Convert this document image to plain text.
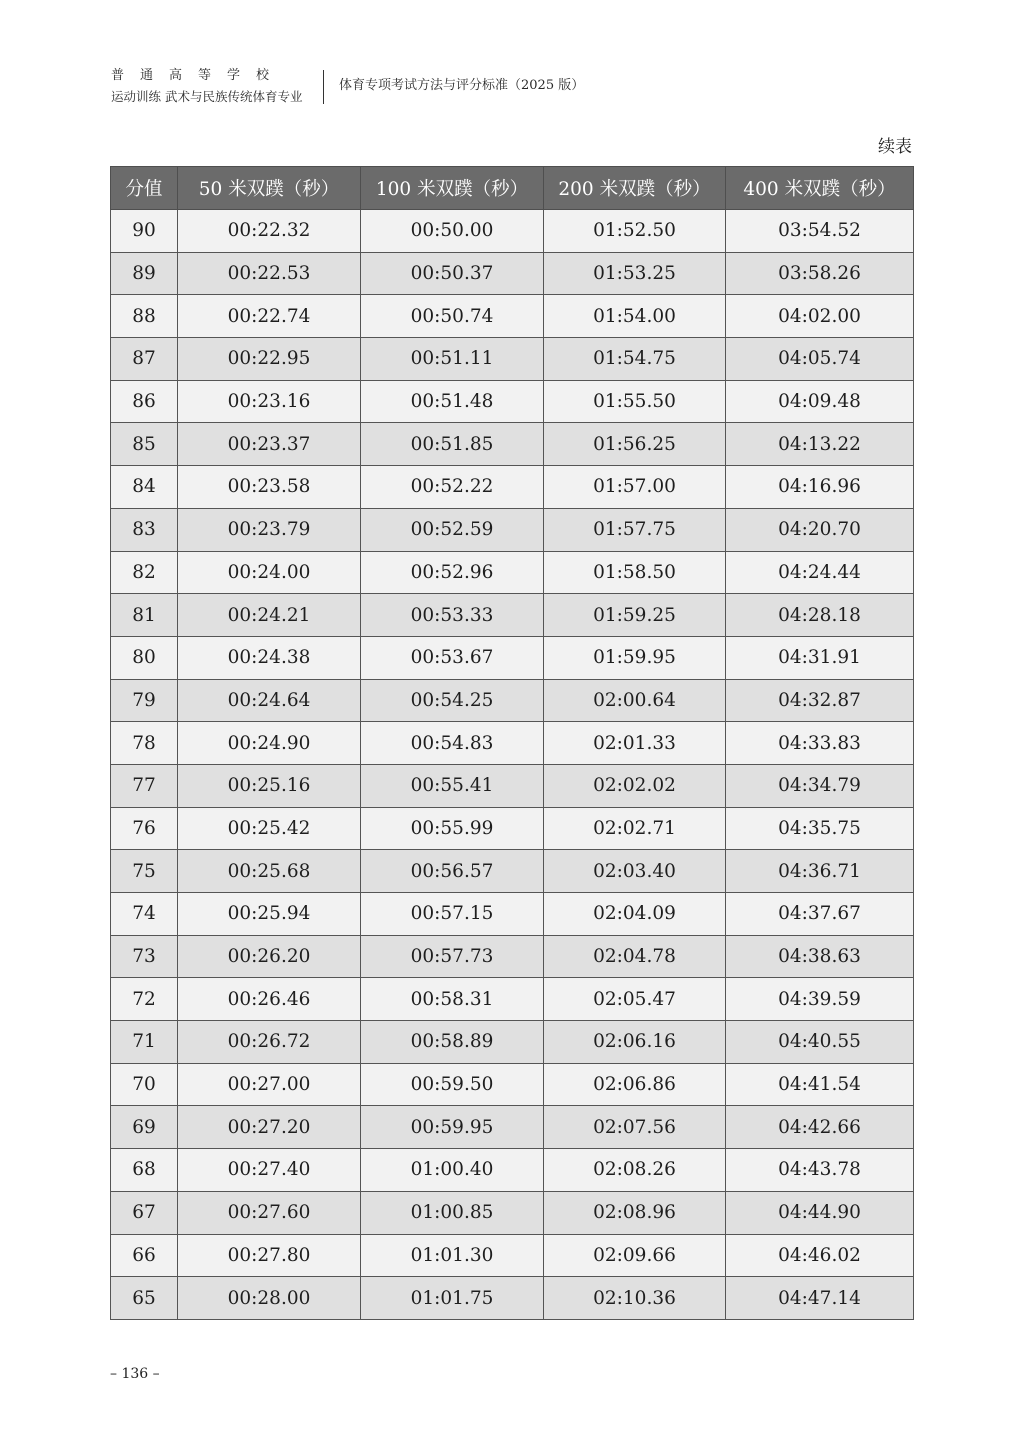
普通高等学校
运动训练 武术与民族传统体育专业
体育专项考试方法与评分标准（2025 版）
续表
分值	50 米双蹼（秒）	100 米双蹼（秒）	200 米双蹼（秒）	400 米双蹼（秒）
90	00:22.32	00:50.00	01:52.50	03:54.52
89	00:22.53	00:50.37	01:53.25	03:58.26
88	00:22.74	00:50.74	01:54.00	04:02.00
87	00:22.95	00:51.11	01:54.75	04:05.74
86	00:23.16	00:51.48	01:55.50	04:09.48
85	00:23.37	00:51.85	01:56.25	04:13.22
84	00:23.58	00:52.22	01:57.00	04:16.96
83	00:23.79	00:52.59	01:57.75	04:20.70
82	00:24.00	00:52.96	01:58.50	04:24.44
81	00:24.21	00:53.33	01:59.25	04:28.18
80	00:24.38	00:53.67	01:59.95	04:31.91
79	00:24.64	00:54.25	02:00.64	04:32.87
78	00:24.90	00:54.83	02:01.33	04:33.83
77	00:25.16	00:55.41	02:02.02	04:34.79
76	00:25.42	00:55.99	02:02.71	04:35.75
75	00:25.68	00:56.57	02:03.40	04:36.71
74	00:25.94	00:57.15	02:04.09	04:37.67
73	00:26.20	00:57.73	02:04.78	04:38.63
72	00:26.46	00:58.31	02:05.47	04:39.59
71	00:26.72	00:58.89	02:06.16	04:40.55
70	00:27.00	00:59.50	02:06.86	04:41.54
69	00:27.20	00:59.95	02:07.56	04:42.66
68	00:27.40	01:00.40	02:08.26	04:43.78
67	00:27.60	01:00.85	02:08.96	04:44.90
66	00:27.80	01:01.30	02:09.66	04:46.02
65	00:28.00	01:01.75	02:10.36	04:47.14
– 136 –
